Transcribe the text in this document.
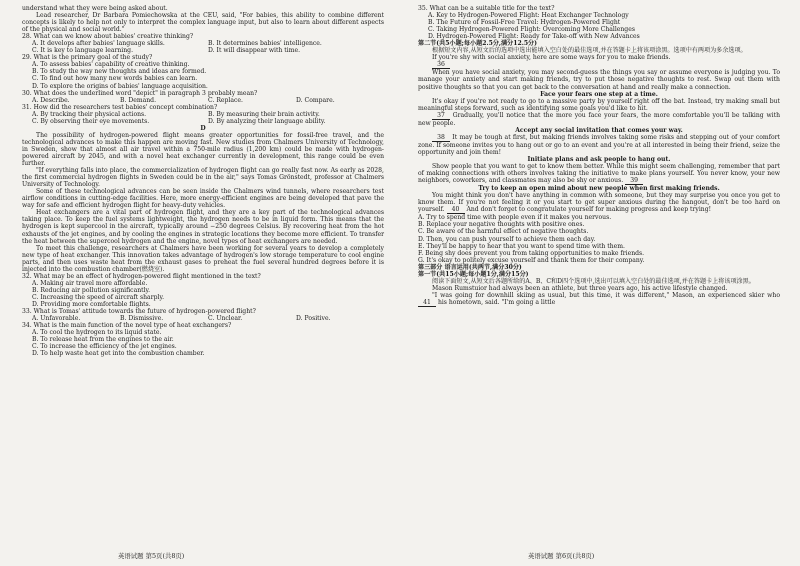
understand what they were being asked about.

Lead researcher, Dr Barbara Pomiechowska at the CEU, said, "For babies, this ability to combine different concepts is likely to help not only to interpret the complex language input, but also to learn about different aspects of the physical and social world."

28. What can we know about babies' creative thinking?

A. It develops after babies' language skills.	B. It determines babies' intelligence.
C. It is key to language learning.	D. It will disappear with time.

29. What is the primary goal of the study?

A. To assess babies' capability of creative thinking.

B. To study the way new thoughts and ideas are formed.

C. To find out how many new words babies can learn.

D. To explore the origins of babies' language acquisition.

30. What does the underlined word "depict" in paragraph 3 probably mean?

A. Describe.	B. Demand.	C. Replace.	D. Compare.

31. How did the researchers test babies' concept combination?

A. By tracking their physical actions.	B. By measuring their brain activity.
C. By observing their eye movements.	D. By analyzing their language ability.

D

The possibility of hydrogen-powered flight means greater opportunities for fossil-free travel, and the technological advances to make this happen are moving fast. New studies from Chalmers University of Technology, in Sweden, show that almost all air travel within a 750-mile radius (1,200 km) could be made with hydrogen-powered aircraft by 2045, and with a novel heat exchanger currently in development, this range could be even further.

"If everything falls into place, the commercialization of hydrogen flight can go really fast now. As early as 2028, the first commercial hydrogen flights in Sweden could be in the air," says Tomas Grönstedt, professor at Chalmers University of Technology.

Some of these technological advances can be seen inside the Chalmers wind tunnels, where researchers test airflow conditions in cutting-edge facilities. Here, more energy-efficient engines are being developed that pave the way for safe and efficient hydrogen flight for heavy-duty vehicles.

Heat exchangers are a vital part of hydrogen flight, and they are a key part of the technological advances taking place. To keep the fuel systems lightweight, the hydrogen needs to be in liquid form. This means that the hydrogen is kept supercool in the aircraft, typically around −250 degrees Celsius. By recovering heat from the hot exhausts of the jet engines, and by cooling the engines in strategic locations they become more efficient. To transfer the heat between the supercool hydrogen and the engine, novel types of heat exchangers are needed.

To meet this challenge, researchers at Chalmers have been working for several years to develop a completely new type of heat exchanger. This innovation takes advantage of hydrogen's low storage temperature to cool engine parts, and then uses waste heat from the exhaust gases to preheat the fuel several hundred degrees before it is injected into the combustion chamber(燃烧室).

32. What may be an effect of hydrogen-powered flight mentioned in the text?

A. Making air travel more affordable.

B. Reducing air pollution significantly.

C. Increasing the speed of aircraft sharply.

D. Providing more comfortable flights.

33. What is Tomas' attitude towards the future of hydrogen-powered flight?

A. Unfavorable.	B. Dismissive.	C. Unclear.	D. Positive.

34. What is the main function of the novel type of heat exchangers?

A. To cool the hydrogen to its liquid state.

B. To release heat from the engines to the air.

C. To increase the efficiency of the jet engines.

D. To help waste heat get into the combustion chamber.

35. What can be a suitable title for the text?

A. Key to Hydrogen-Powered Flight: Heat Exchanger Technology

B. The Future of Fossil-Free Travel: Hydrogen-Powered Flight

C. Taking Hydrogen-Powered Flight: Overcoming More Challenges

D. Hydrogen-Powered Flight: Ready for Take-off with New Advances

第二节(共5小题;每小题2.5分,满分12.5分)

根据短文内容,从短文后的选项中选出能填入空白处的最佳选项,并在答题卡上将该项涂黑。选项中有两项为多余选项。

If you're shy with social anxiety, here are some ways for you to make friends.

36

When you have social anxiety, you may second-guess the things you say or assume everyone is judging you. To manage your anxiety and start making friends, try to put those negative thoughts to rest. Swap out them with positive thoughts so that you can get back to the conversation at hand and really make a connection.

Face your fears one step at a time.

It's okay if you're not ready to go to a massive party by yourself right off the bat. Instead, try making small but meaningful steps forward, such as identifying some goals you'd like to hit.

37 Gradually, you'll notice that the more you face your fears, the more comfortable you'll be talking with new people.

Accept any social invitation that comes your way.

38 It may be tough at first, but making friends involves taking some risks and stepping out of your comfort zone. If someone invites you to hang out or go to an event and you're at all interested in being their friend, seize the opportunity and join them!

Initiate plans and ask people to hang out.

Show people that you want to get to know them better. While this might seem challenging, remember that part of making connections with others involves taking the initiative to make plans yourself. You never know, your new neighbors, coworkers, and classmates may also be shy or anxious. 39

Try to keep an open mind about new people when first making friends.

You might think you don't have anything in common with someone, but they may surprise you once you get to know them. If you're not feeling it or you start to get super anxious during the hangout, don't be too hard on yourself. 40 And don't forget to congratulate yourself for making progress and keep trying!

A. Try to spend time with people even if it makes you nervous.

B. Replace your negative thoughts with positive ones.

C. Be aware of the harmful effect of negative thoughts.

D. Then, you can push yourself to achieve them each day.

E. They'll be happy to hear that you want to spend time with them.

F. Being shy does prevent you from taking opportunities to make friends.

G. It's okay to politely excuse yourself and thank them for their company.

第三部分 语言运用(共两节,满分30分)

第一节(共15小题;每小题1分,满分15分)

阅读下面短文,从短文后各题所给的A、B、C和D四个选项中,选出可以填入空白处的最佳选项,并在答题卡上将该项涂黑。

Mason Rumstuior had always been an athlete, but three years ago, his active lifestyle changed.

"I was going for downhill skiing as usual, but this time, it was different," Mason, an experienced skier who 41 his hometown, said. "I'm going a little

英语试题 第5页(共8页)	英语试题 第6页(共8页)
